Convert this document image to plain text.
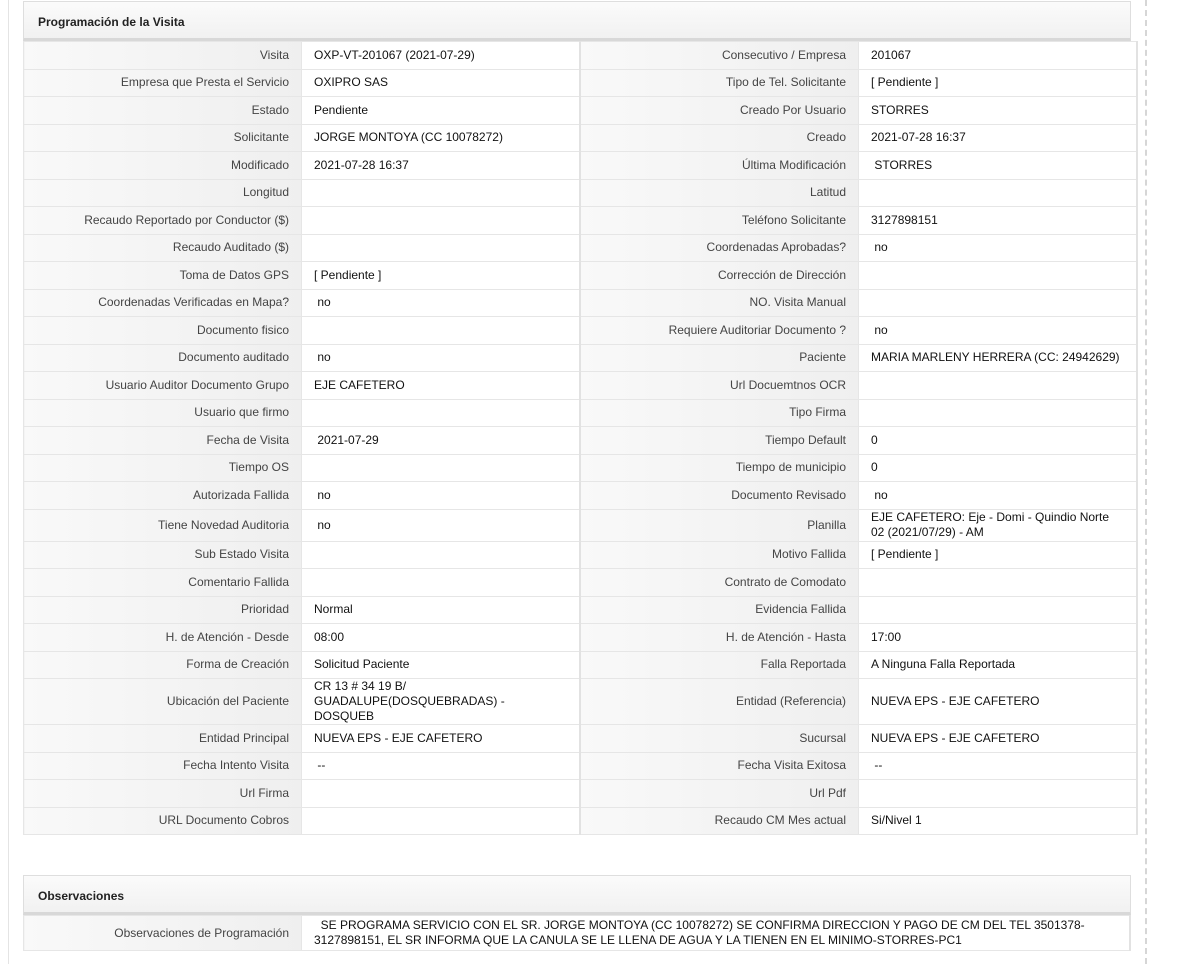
Programación de la Visita
Visita	OXP-VT-201067 (2021-07-29)	Consecutivo / Empresa	201067
Empresa que Presta el Servicio	OXIPRO SAS	Tipo de Tel. Solicitante	[ Pendiente ]
Estado	Pendiente	Creado Por Usuario	STORRES
Solicitante	JORGE MONTOYA (CC 10078272)	Creado	2021-07-28 16:37
Modificado	2021-07-28 16:37	Última Modificación	STORRES
Longitud		Latitud	
Recaudo Reportado por Conductor ($)		Teléfono Solicitante	3127898151
Recaudo Auditado ($)		Coordenadas Aprobadas?	no
Toma de Datos GPS	[ Pendiente ]	Corrección de Dirección	
Coordenadas Verificadas en Mapa?	no	NO. Visita Manual	
Documento fisico		Requiere Auditoriar Documento ?	no
Documento auditado	no	Paciente	MARIA MARLENY HERRERA (CC: 24942629)
Usuario Auditor Documento Grupo	EJE CAFETERO	Url Docuemtnos OCR	
Usuario que firmo		Tipo Firma	
Fecha de Visita	2021-07-29	Tiempo Default	0
Tiempo OS		Tiempo de municipio	0
Autorizada Fallida	no	Documento Revisado	no
Tiene Novedad Auditoria	no	Planilla	EJE CAFETERO: Eje - Domi - Quindio Norte 02 (2021/07/29) - AM
Sub Estado Visita		Motivo Fallida	[ Pendiente ]
Comentario Fallida		Contrato de Comodato	
Prioridad	Normal	Evidencia Fallida	
H. de Atención - Desde	08:00	H. de Atención - Hasta	17:00
Forma de Creación	Solicitud Paciente	Falla Reportada	A Ninguna Falla Reportada
Ubicación del Paciente	CR 13 # 34 19 B/ GUADALUPE(DOSQUEBRADAS) - DOSQUEB	Entidad (Referencia)	NUEVA EPS - EJE CAFETERO
Entidad Principal	NUEVA EPS - EJE CAFETERO	Sucursal	NUEVA EPS - EJE CAFETERO
Fecha Intento Visita	--	Fecha Visita Exitosa	--
Url Firma		Url Pdf	
URL Documento Cobros		Recaudo CM Mes actual	Si/Nivel 1
Observaciones
Observaciones de Programación	SE PROGRAMA SERVICIO CON EL SR. JORGE MONTOYA (CC 10078272) SE CONFIRMA DIRECCION Y PAGO DE CM DEL TEL 3501378-3127898151, EL SR INFORMA QUE LA CANULA SE LE LLENA DE AGUA Y LA TIENEN EN EL MINIMO-STORRES-PC1
